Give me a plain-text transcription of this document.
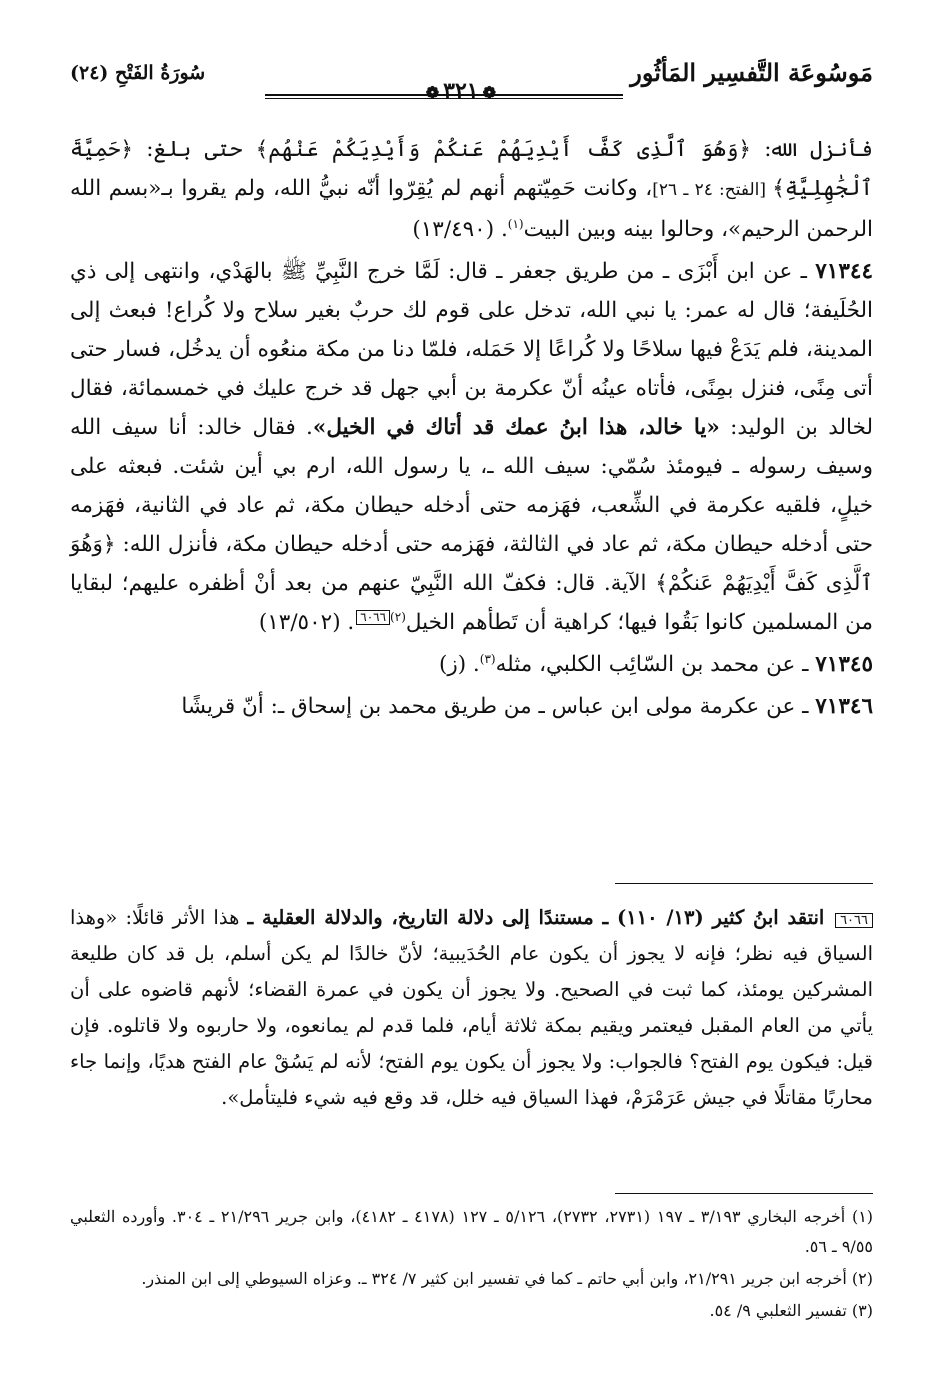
مَوسُوعَة التَّفسِير المَأثُور
❁٣٢١❁
سُورَةُ الفَتْحِ (٢٤)

فأنزل الله: ﴿وَهُوَ ٱلَّذِى كَفَّ أَيْدِيَهُمْ عَنكُمْ وَأَيْدِيَكُمْ عَنْهُم﴾ حتى بلغ: ﴿حَمِيَّةَ ٱلْجَٰهِلِيَّةِ﴾ [الفتح: ٢٤ ـ ٢٦]، وكانت حَمِيّتهم أنهم لم يُقِرّوا أنّه نبيُّ الله، ولم يقروا بـ«بسم الله الرحمن الرحيم»، وحالوا بينه وبين البيت$^{(١)}$. (١٣/٤٩٠)

٧١٣٤٤ ـ عن ابن أَبْزَى ـ من طريق جعفر ـ قال: لَمَّا خرج النَّبِيِّ ﷺ بالهَدْي، وانتهى إلى ذي الحُلَيفة؛ قال له عمر: يا نبي الله، تدخل على قوم لك حربٌ بغير سلاح ولا كُراع! فبعث إلى المدينة، فلم يَدَعْ فيها سلاحًا ولا كُراعًا إلا حَمَله، فلمّا دنا من مكة منعُوه أن يدخُل، فسار حتى أتى مِنًى، فنزل بمِنًى، فأتاه عينُه أنّ عكرمة بن أبي جهل قد خرج عليك في خمسمائة، فقال لخالد بن الوليد: «يا خالد، هذا ابنُ عمك قد أتاك في الخيل». فقال خالد: أنا سيف الله وسيف رسوله ـ فيومئذ سُمّي: سيف الله ـ، يا رسول الله، ارم بي أين شئت. فبعثه على خيلٍ، فلقيه عكرمة في الشِّعب، فهَزمه حتى أدخله حيطان مكة، ثم عاد في الثانية، فهَزمه حتى أدخله حيطان مكة، ثم عاد في الثالثة، فهَزمه حتى أدخله حيطان مكة، فأنزل الله: ﴿وَهُوَ ٱلَّذِى كَفَّ أَيْدِيَهُمْ عَنكُمْ﴾ الآية. قال: فكفّ الله النَّبِيّ عنهم من بعد أنْ أظفره عليهم؛ لبقايا من المسلمين كانوا بَقُوا فيها؛ كراهية أن تَطأهم الخيل$^{(٢)}$٦٠٦٦. (١٣/٥٠٢)

٧١٣٤٥ ـ عن محمد بن السّائِب الكلبي، مثله$^{(٣)}$. (ز)

٧١٣٤٦ ـ عن عكرمة مولى ابن عباس ـ من طريق محمد بن إسحاق ـ: أنّ قريشًا

٦٠٦٦ انتقد ابنُ كثير (١٣/ ١١٠) ـ مستندًا إلى دلالة التاريخ، والدلالة العقلية ـ هذا الأثر قائلًا: «وهذا السياق فيه نظر؛ فإنه لا يجوز أن يكون عام الحُدَيبية؛ لأنّ خالدًا لم يكن أسلم، بل قد كان طليعة المشركين يومئذ، كما ثبت في الصحيح. ولا يجوز أن يكون في عمرة القضاء؛ لأنهم قاضوه على أن يأتي من العام المقبل فيعتمر ويقيم بمكة ثلاثة أيام، فلما قدم لم يمانعوه، ولا حاربوه ولا قاتلوه. فإن قيل: فيكون يوم الفتح؟ فالجواب: ولا يجوز أن يكون يوم الفتح؛ لأنه لم يَسُقْ عام الفتح هديًا، وإنما جاء محاربًا مقاتلًا في جيش عَرَمْرَمْ، فهذا السياق فيه خلل، قد وقع فيه شيء فليتأمل».

(١) أخرجه البخاري ٣/١٩٣ ـ ١٩٧ (٢٧٣١، ٢٧٣٢)، ٥/١٢٦ ـ ١٢٧ (٤١٧٨ ـ ٤١٨٢)، وابن جرير ٢١/٢٩٦ ـ ٣٠٤. وأورده الثعلبي ٩/٥٥ ـ ٥٦.

(٢) أخرجه ابن جرير ٢١/٢٩١، وابن أبي حاتم ـ كما في تفسير ابن كثير ٧/ ٣٢٤ ـ. وعزاه السيوطي إلى ابن المنذر.

(٣) تفسير الثعلبي ٩/ ٥٤.
